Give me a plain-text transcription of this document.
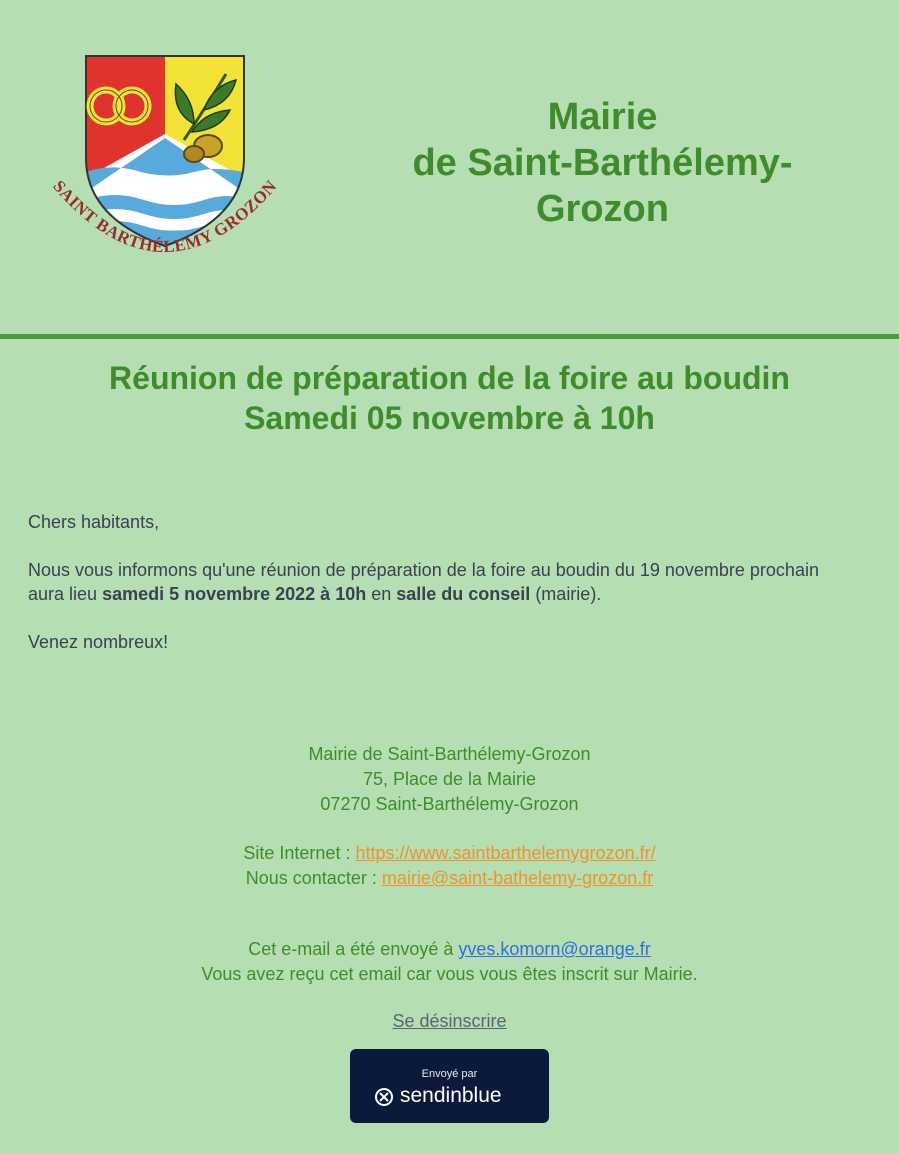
SAINT BARTHÉLEMY GROZON
Mairie
de Saint-Barthélemy-
Grozon
Réunion de préparation de la foire au boudin
Samedi 05 novembre à 10h

Chers habitants,

Nous vous informons qu'une réunion de préparation de la foire au boudin du 19 novembre prochain aura lieu samedi 5 novembre 2022 à 10h en salle du conseil (mairie).

Venez nombreux!

Mairie de Saint-Barthélemy-Grozon
75, Place de la Mairie
07270 Saint-Barthélemy-Grozon
Site Internet : https://www.saintbarthelemygrozon.fr/
Nous contacter : mairie@saint-bathelemy-grozon.fr
Cet e-mail a été envoyé à yves.komorn@orange.fr
Vous avez reçu cet email car vous vous êtes inscrit sur Mairie.
Se désinscrire
Envoyé par
sendinblue
